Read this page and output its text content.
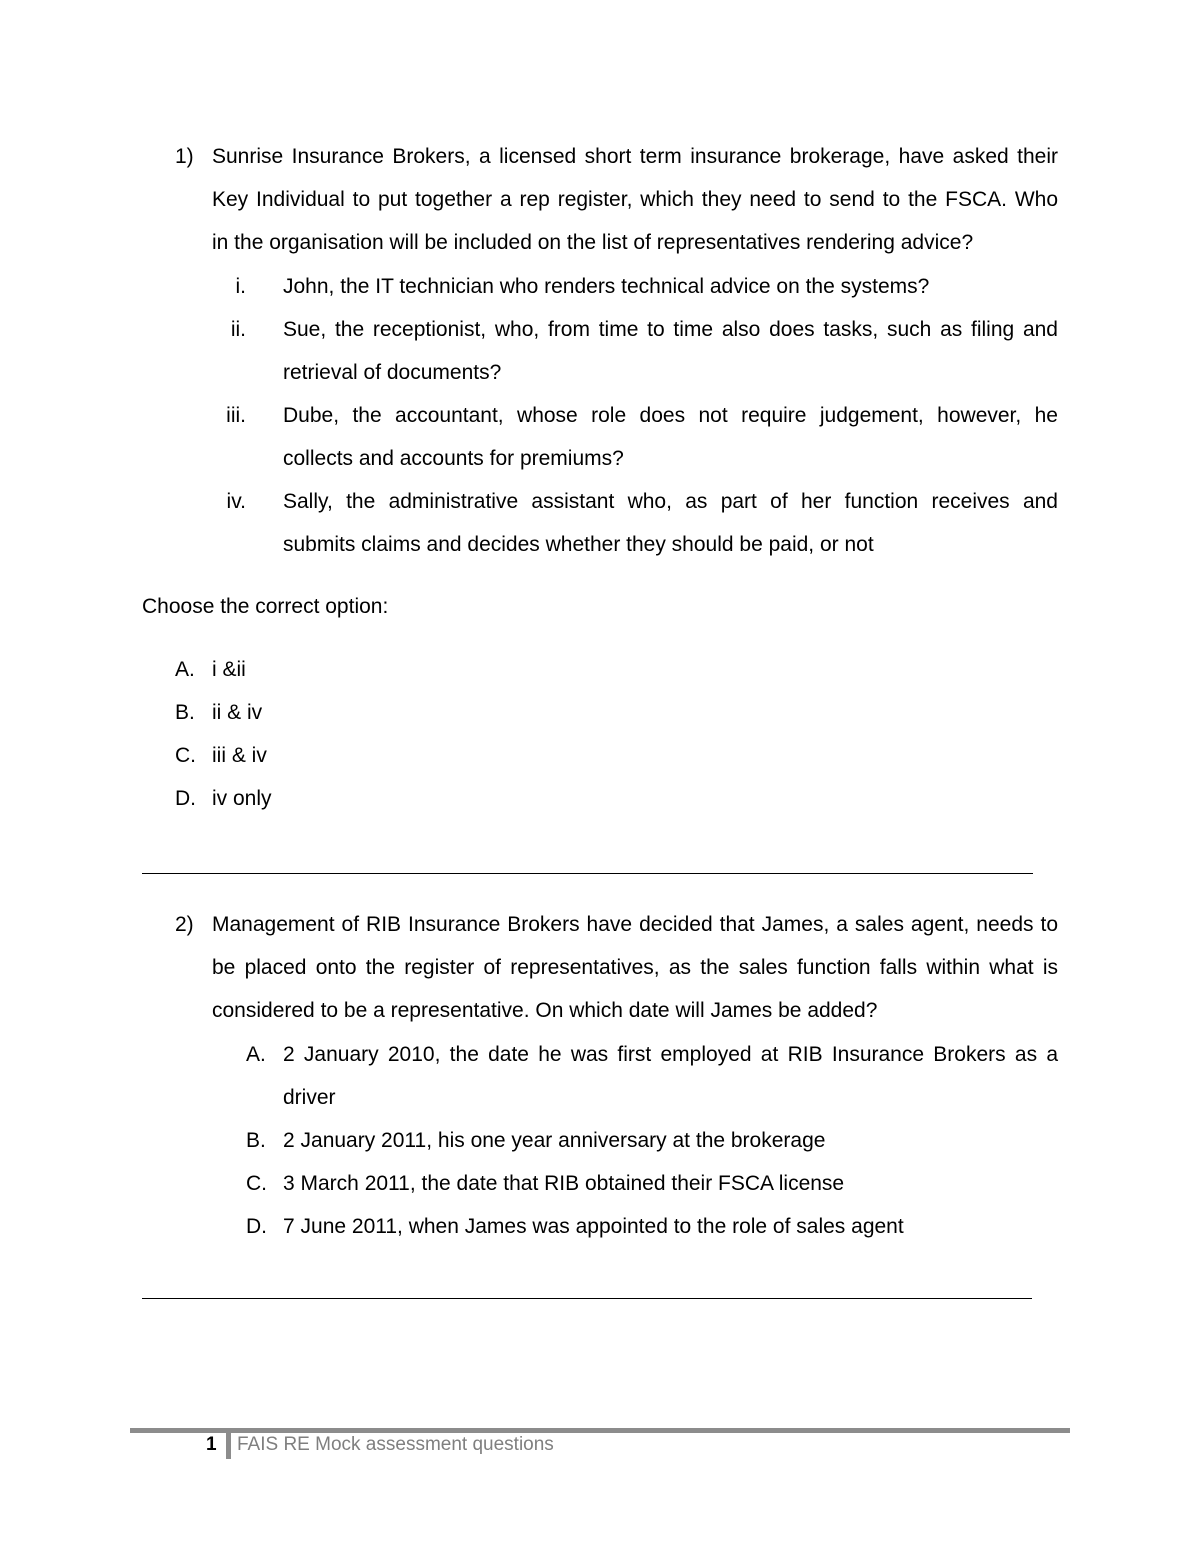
1) Sunrise Insurance Brokers, a licensed short term insurance brokerage, have asked their
Key Individual to put together a rep register, which they need to send to the FSCA. Who
in the organisation will be included on the list of representatives rendering advice?
i. John, the IT technician who renders technical advice on the systems?
ii. Sue, the receptionist, who, from time to time also does tasks, such as filing and
retrieval of documents?
iii. Dube, the accountant, whose role does not require judgement, however, he
collects and accounts for premiums?
iv. Sally, the administrative assistant who, as part of her function receives and
submits claims and decides whether they should be paid, or not
Choose the correct option:
A. i &ii
B. ii & iv
C. iii & iv
D. iv only
2) Management of RIB Insurance Brokers have decided that James, a sales agent, needs to
be placed onto the register of representatives, as the sales function falls within what is
considered to be a representative. On which date will James be added?
A. 2 January 2010, the date he was first employed at RIB Insurance Brokers as a
driver
B. 2 January 2011, his one year anniversary at the brokerage
C. 3 March 2011, the date that RIB obtained their FSCA license
D. 7 June 2011, when James was appointed to the role of sales agent
1 FAIS RE Mock assessment questions
